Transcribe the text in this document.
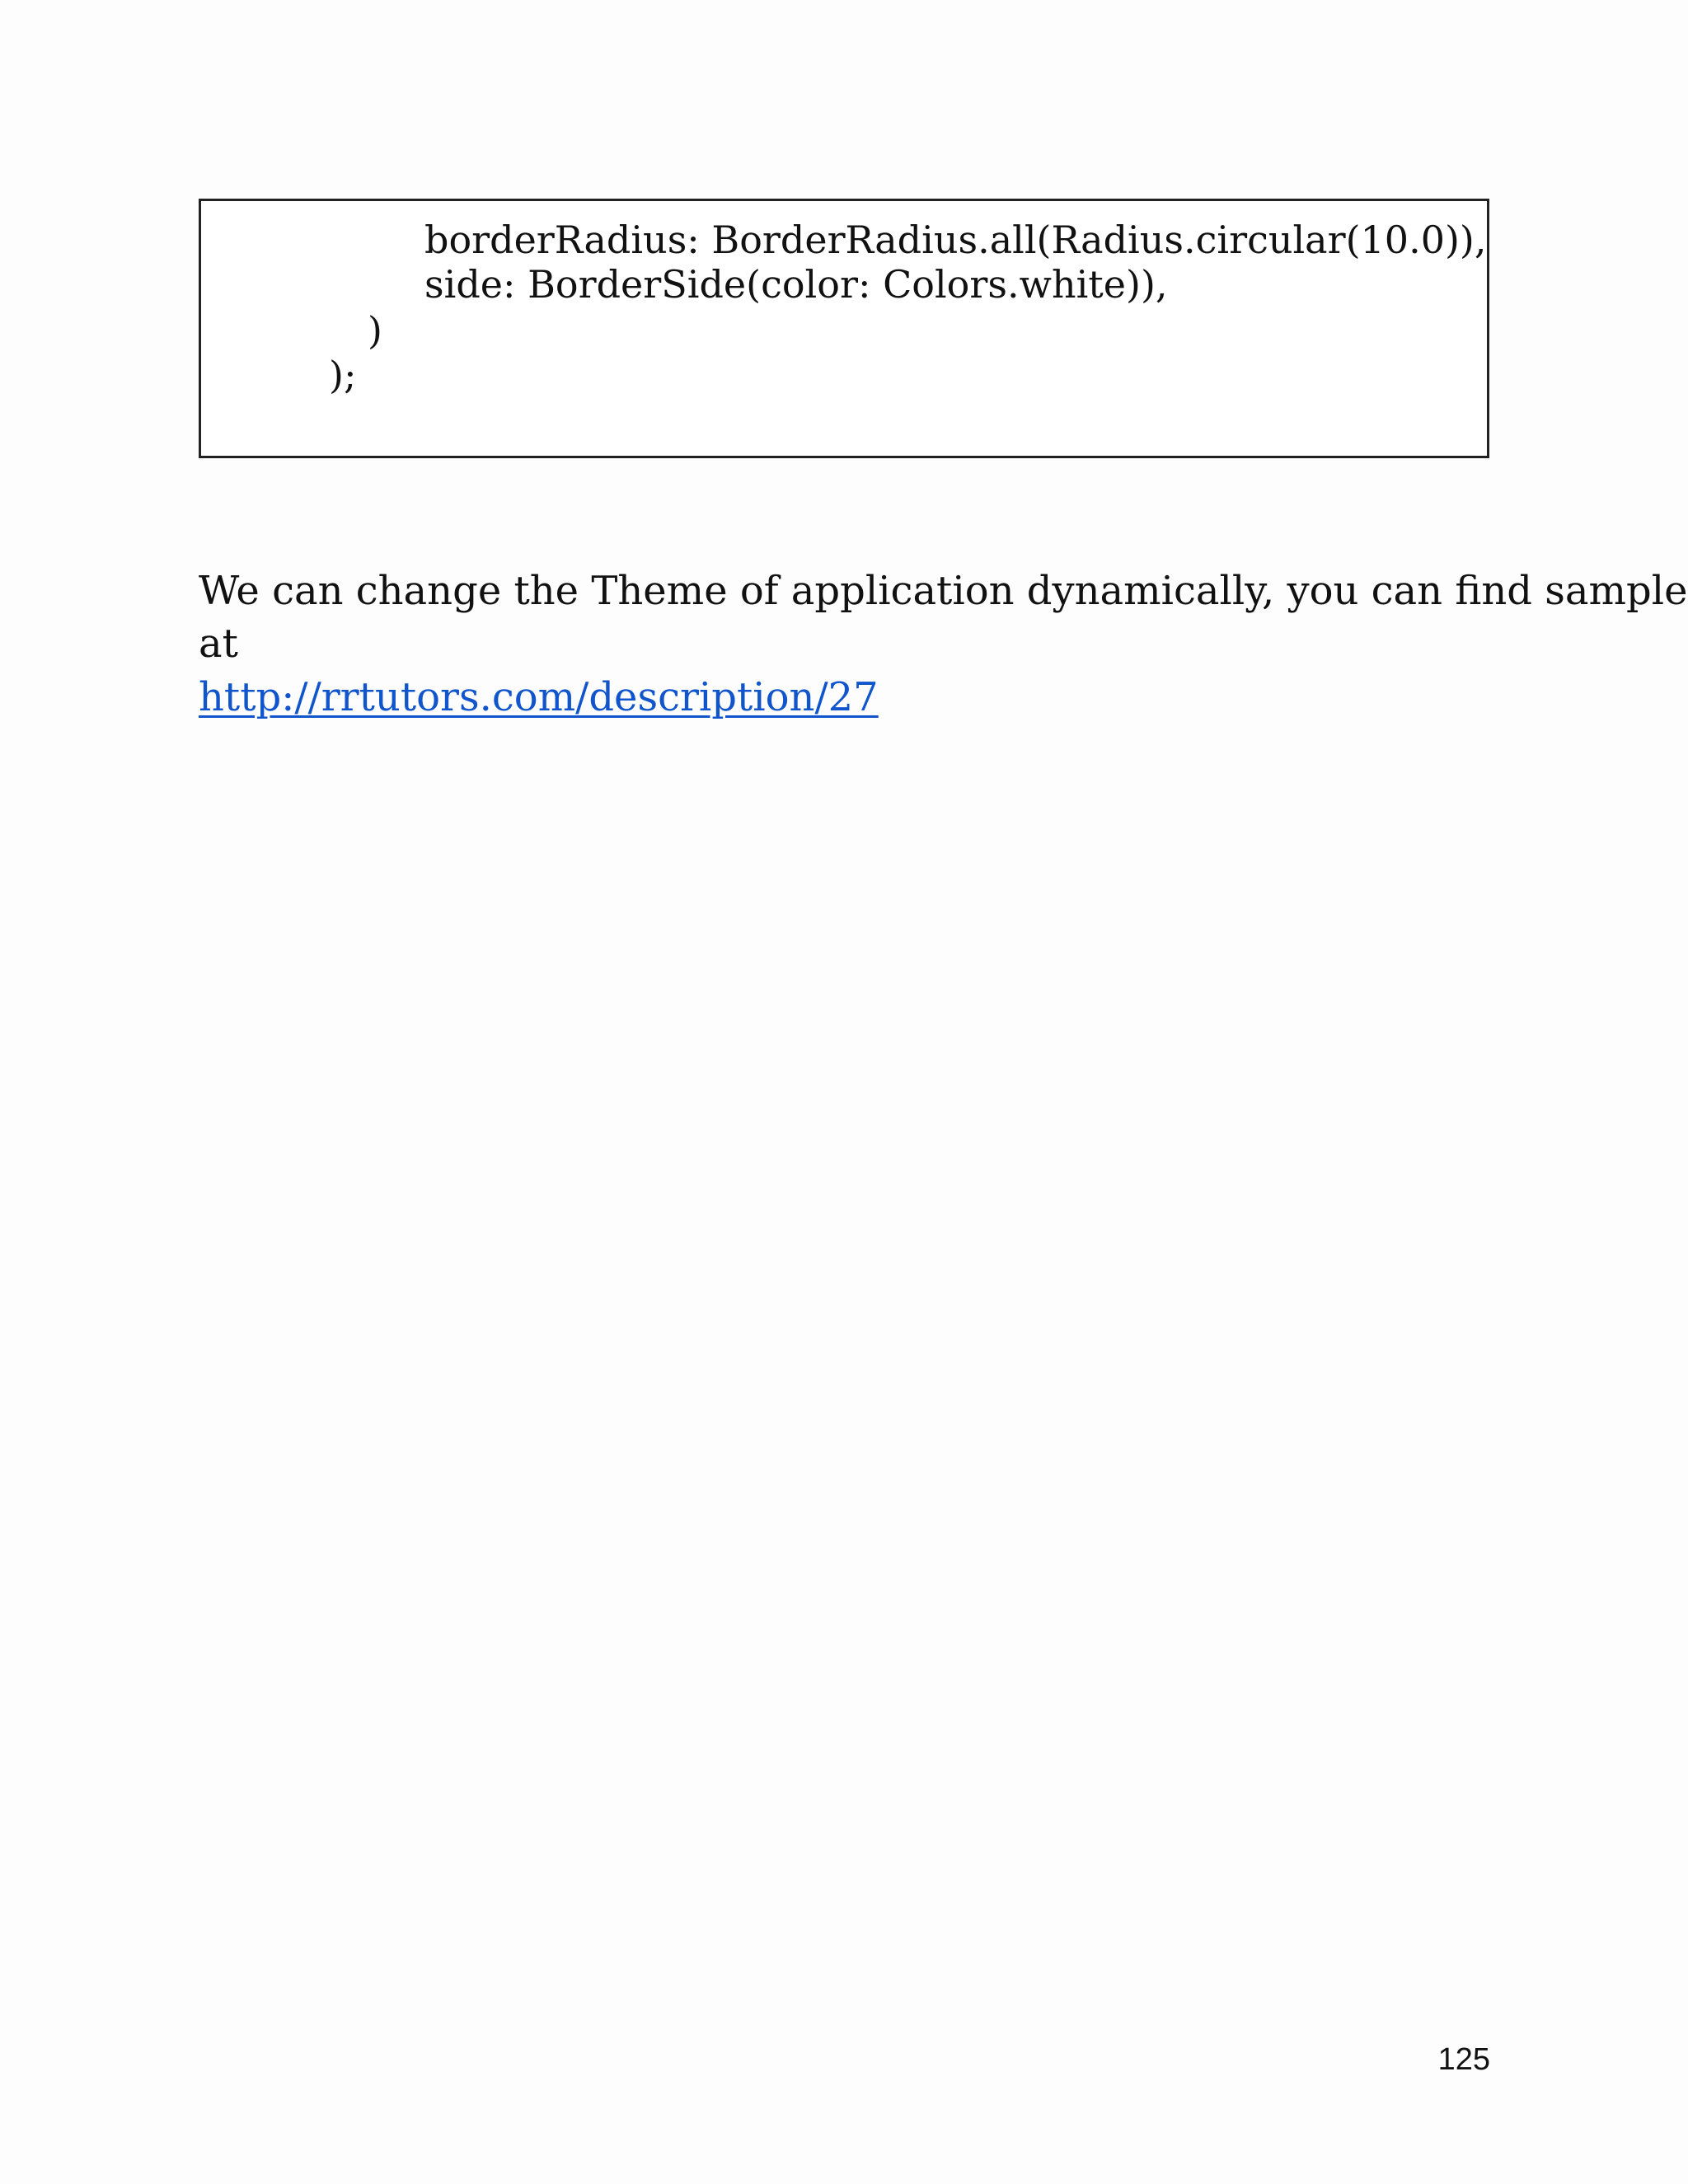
borderRadius: BorderRadius.all(Radius.circular(10.0)),
side: BorderSide(color: Colors.white)),
)
);
We can change the Theme of application dynamically, you can find sample
at
http://rrtutors.com/description/27
125
